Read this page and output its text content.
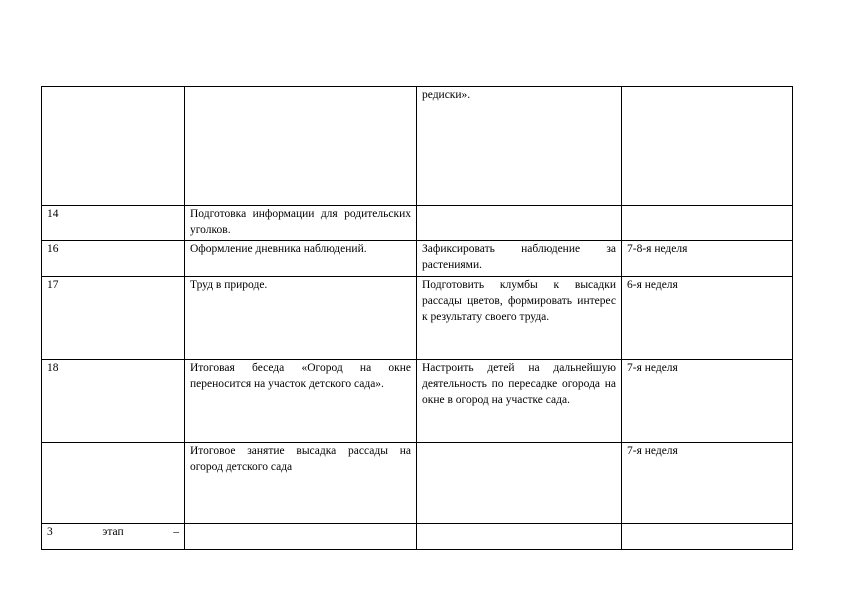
		редиски».	
14	Подготовка информации для родительских уголков.		
16	Оформление дневника наблюдений.	Зафиксировать наблюдение за растениями.	7-8-я неделя
17	Труд в природе.	Подготовить клумбы к высадки рассады цветов, формировать интерес к результату своего труда.	6-я неделя
18	Итоговая беседа «Огород на окне переносится на участок детского сада».	Настроить детей на дальнейшую деятельность по пересадке огорода на окне в огород на участке сада.	7-я неделя
	Итоговое занятие высадка рассады на огород детского сада		7-я неделя

3 этап –			
